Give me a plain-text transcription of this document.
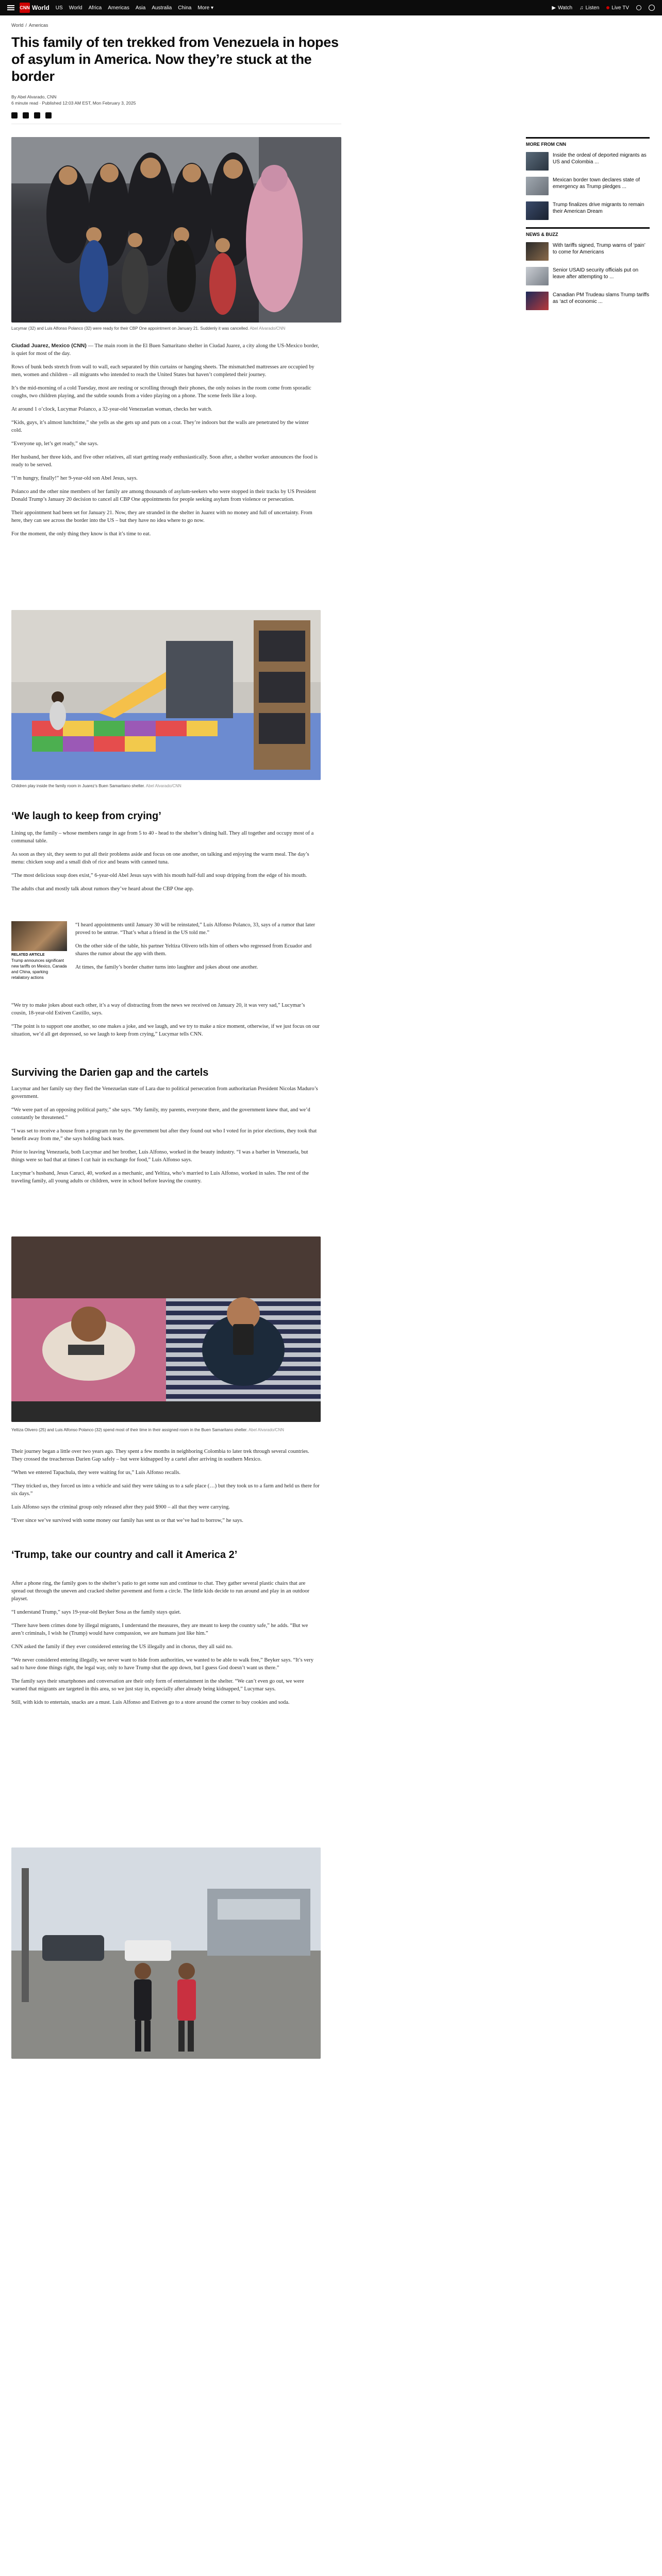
CNN World US World Africa Americas Asia Australia China More ▾	▶ Watch ♫ Listen Live TV
World / Americas
This family of ten trekked from Venezuela in hopes of asylum in America. Now they’re stuck at the border
By Abel Alvarado, CNN
6 minute read · Published 12:03 AM EST, Mon February 3, 2025
Lucymar (32) and Luis Alfonso Polanco (32) were ready for their CBP One appointment on January 21. Suddenly it was cancelled. Abel Alvarado/CNN

Ciudad Juarez, Mexico (CNN) — The main room in the El Buen Samaritano shelter in Ciudad Juarez, a city along the US-Mexico border, is quiet for most of the day.

Rows of bunk beds stretch from wall to wall, each separated by thin curtains or hanging sheets. The mismatched mattresses are occupied by men, women and children – all migrants who intended to reach the United States but haven’t completed their journey.

It’s the mid-morning of a cold Tuesday, most are resting or scrolling through their phones, the only noises in the room come from sporadic coughs, two children playing, and the subtle sounds from a video playing on a phone. The scene feels like a loop.

At around 1 o’clock, Lucymar Polanco, a 32-year-old Venezuelan woman, checks her watch.

“Kids, guys, it’s almost lunchtime,” she yells as she gets up and puts on a coat. They’re indoors but the walls are penetrated by the winter cold.

“Everyone up, let’s get ready,” she says.

Her husband, her three kids, and five other relatives, all start getting ready enthusiastically. Soon after, a shelter worker announces the food is ready to be served.

“I’m hungry, finally!” her 9-year-old son Abel Jesus, says.

Polanco and the other nine members of her family are among thousands of asylum-seekers who were stopped in their tracks by US President Donald Trump’s January 20 decision to cancel all CBP One appointments for people seeking asylum from violence or persecution.

Their appointment had been set for January 21. Now, they are stranded in the shelter in Juarez with no money and full of uncertainty. From here, they can see across the border into the US – but they have no idea where to go now.

For the moment, the only thing they know is that it’s time to eat.

Children play inside the family room in Juarez’s Buen Samaritano shelter. Abel Alvarado/CNN
‘We laugh to keep from crying’

Lining up, the family – whose members range in age from 5 to 40 - head to the shelter’s dining hall. They all together and occupy most of a communal table.

As soon as they sit, they seem to put all their problems aside and focus on one another, on talking and enjoying the warm meal. The day’s menu: chicken soup and a small dish of rice and beans with canned tuna.

“The most delicious soup does exist,” 6-year-old Abel Jesus says with his mouth half-full and soup dripping from the edge of his mouth.

The adults chat and mostly talk about rumors they’ve heard about the CBP One app.

RELATED ARTICLE
Trump announces significant new tariffs on Mexico, Canada and China, sparking retaliatory actions

“I heard appointments until January 30 will be reinstated,” Luis Alfonso Polanco, 33, says of a rumor that later proved to be untrue. “That’s what a friend in the US told me.”

On the other side of the table, his partner Yeltiza Olivero tells him of others who regressed from Ecuador and shares the rumor about the app with them.

At times, the family’s border chatter turns into laughter and jokes about one another.

“We try to make jokes about each other, it’s a way of distracting from the news we received on January 20, it was very sad,” Lucymar’s cousin, 18-year-old Estiven Castillo, says.

“The point is to support one another, so one makes a joke, and we laugh, and we try to make a nice moment, otherwise, if we just focus on our situation, we’d all get depressed, so we laugh to keep from crying,” Lucymar tells CNN.

Surviving the Darien gap and the cartels

Lucymar and her family say they fled the Venezuelan state of Lara due to political persecution from authoritarian President Nicolas Maduro’s government.

“We were part of an opposing political party,” she says. “My family, my parents, everyone there, and the government knew that, and we’d constantly be threatened.”

“I was set to receive a house from a program run by the government but after they found out who I voted for in prior elections, they took that benefit away from me,” she says holding back tears.

Prior to leaving Venezuela, both Lucymar and her brother, Luis Alfonso, worked in the beauty industry. “I was a barber in Venezuela, but things were so bad that at times I cut hair in exchange for food,” Luis Alfonso says.

Lucymar’s husband, Jesus Caruci, 40, worked as a mechanic, and Yeltiza, who’s married to Luis Alfonso, worked in sales. The rest of the traveling family, all young adults or children, were in school before leaving the country.

Yeltiza Olivero (25) and Luis Alfonso Polanco (32) spend most of their time in their assigned room in the Buen Samaritano shelter. Abel Alvarado/CNN

Their journey began a little over two years ago. They spent a few months in neighboring Colombia to later trek through several countries. They crossed the treacherous Darien Gap safely – but were kidnapped by a cartel after arriving in southern Mexico.

“When we entered Tapachula, they were waiting for us,” Luis Alfonso recalls.

“They tricked us, they forced us into a vehicle and said they were taking us to a safe place (…) but they took us to a farm and held us there for six days.”

Luis Alfonso says the criminal group only released after they paid $900 – all that they were carrying.

“Ever since we’ve survived with some money our family has sent us or that we’ve had to borrow,” he says.

‘Trump, take our country and call it America 2’

After a phone ring, the family goes to the shelter’s patio to get some sun and continue to chat. They gather several plastic chairs that are spread out through the uneven and cracked shelter pavement and form a circle. The little kids decide to run around and play in an outdoor playset.

“I understand Trump,” says 19-year-old Beyker Sosa as the family stays quiet.

“There have been crimes done by illegal migrants, I understand the measures, they are meant to keep the country safe,” he adds. “But we aren’t criminals, I wish he (Trump) would have compassion, we are humans just like him.”

CNN asked the family if they ever considered entering the US illegally and in chorus, they all said no.

“We never considered entering illegally, we never want to hide from authorities, we wanted to be able to walk free,” Beyker says. “It’s very sad to have done things right, the legal way, only to have Trump shut the app down, but I guess God doesn’t want us there.”

The family says their smartphones and conversation are their only form of entertainment in the shelter. “We can’t even go out, we were warned that migrants are targeted in this area, so we just stay in, especially after already being kidnapped,” Lucymar says.

Still, with kids to entertain, snacks are a must. Luis Alfonso and Estiven go to a store around the corner to buy cookies and soda.

MORE FROM CNN
Inside the ordeal of deported migrants as US and Colombia ...
Mexican border town declares state of emergency as Trump pledges ...
Trump finalizes drive migrants to remain their American Dream
NEWS & BUZZ
With tariffs signed, Trump warns of ‘pain’ to come for Americans
Senior USAID security officials put on leave after attempting to ...
Canadian PM Trudeau slams Trump tariffs as ‘act of economic ...
